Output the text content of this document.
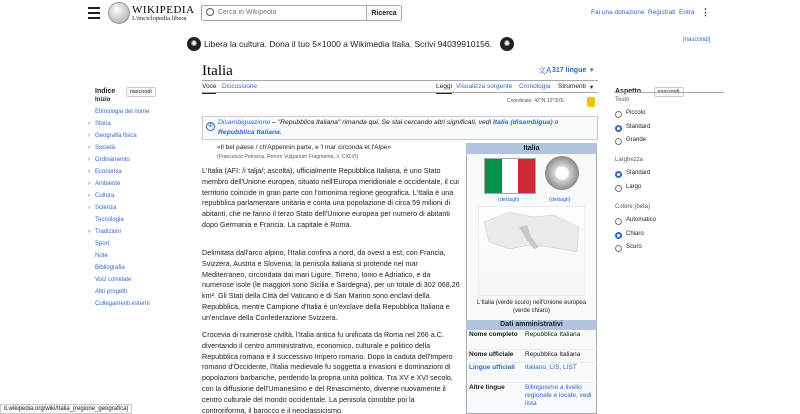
WIKIPEDIA
L'enciclopedia libera
Cerca in Wikipedia
Ricerca	Fai una donazione Registrati Entra ⋮
✺ Libera la cultura. Dona il tuo 5×1000 a Wikimedia Italia. Scrivi 94039910156.	✺	[nascondi]
Italia	文A 317 lingue ▾
Voce Discussione	Leggi Visualizza sorgente Cronologia Strumenti ▾
Coordinate: 42°N 12°30′E
Indice	nascondi
Inizio
Etimologia del nome
Storia
›
Geografia fisica
›
Società
›
Ordinamento
›
Economia
›
Ambiente
›
Cultura
›
Scienza
›
Tecnologia
Tradizioni
›
Sport
Note
Bibliografia
Voci correlate
Altri progetti
Collegamenti esterni
Testo
Piccolo
Standard
Grande
Larghezza
Standard
Largo
Colore (beta)
Automatico
Chiaro
Scuro
⊕ Disambiguazione – "Repubblica Italiana" rimanda qui. Se stai cercando altri significati, vedi Italia (disambigua) o Repubblica Italiana.
«Il bel paese / ch'Appennin parte, e 'l mar circonda et l'Alpe»
(Francesco Petrarca, Rerum Vulgarium Fragmenta, s. CXLVI)
L'Italia (AFI: /iˈtalja/; ascolta), ufficialmente Repubblica Italiana, è uno Stato membro dell'Unione europea, situato nell'Europa meridionale e occidentale, il cui territorio coincide in gran parte con l'omonima regione geografica. L'Italia è una repubblica parlamentare unitaria e conta una popolazione di circa 59 milioni di abitanti, che ne fanno il terzo Stato dell'Unione europea per numero di abitanti dopo Germania e Francia. La capitale è Roma.
Delimitata dall'arco alpino, l'Italia confina a nord, da ovest a est, con Francia, Svizzera, Austria e Slovenia; la penisola italiana si protende nel mar Mediterraneo, circondata dai mari Ligure, Tirreno, Ionio e Adriatico, e da numerose isole (le maggiori sono Sicilia e Sardegna), per un totale di 302 068,26 km². Gli Stati della Città del Vaticano e di San Marino sono enclavi della Repubblica, mentre Campione d'Italia è un'exclave della Repubblica Italiana e un'enclave della Confederazione Svizzera.
Crocevia di numerose civiltà, l'Italia antica fu unificata da Roma nel 266 a.C. diventando il centro amministrativo, economico, culturale e politico della Repubblica romana e il successivo Impero romano. Dopo la caduta dell'Impero romano d'Occidente, l'Italia medievale fu soggetta a invasioni e dominazioni di popolazioni barbariche, perdendo la propria unità politica. Tra XV e XVI secolo, con la diffusione dell'Umanesimo e del Rinascimento, divenne nuovamente il centro culturale del mondo occidentale. La penisola conobbe poi la controriforma, il barocco e il neoclassicismo.
Italia
(dettagli)	(dettagli)
L'Italia (verde scuro) nell'Unione europea (verde chiaro)
Dati amministrativi
Nome completo	Repubblica Italiana
Nome ufficiale	Repubblica Italiana
Lingue ufficiali	Italiano, LIS, LIST
Altre lingue	Bilinguismo a livello regionale e locale, vedi lista
it.wikipedia.org/wiki/Italia_(regione_geografica)
